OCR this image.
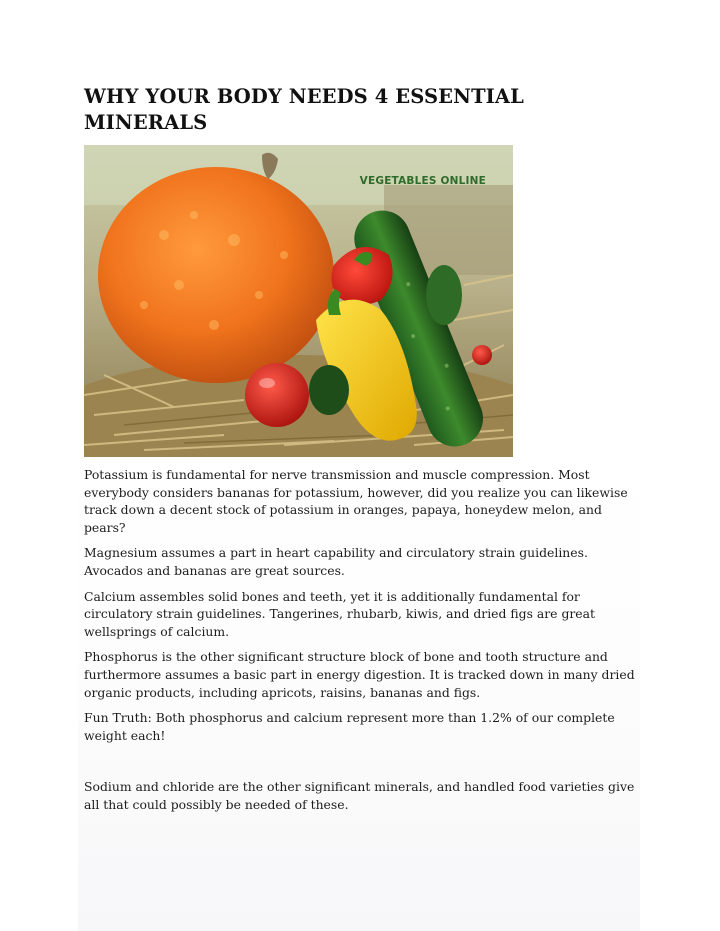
WHY YOUR BODY NEEDS 4 ESSENTIAL MINERALS
VEGETABLES ONLINE

Potassium is fundamental for nerve transmission and muscle compression. Most everybody considers bananas for potassium, however, did you realize you can likewise track down a decent stock of potassium in oranges, papaya, honeydew melon, and pears?

Magnesium assumes a part in heart capability and circulatory strain guidelines. Avocados and bananas are great sources.

Calcium assembles solid bones and teeth, yet it is additionally fundamental for circulatory strain guidelines. Tangerines, rhubarb, kiwis, and dried figs are great wellsprings of calcium.

Phosphorus is the other significant structure block of bone and tooth structure and furthermore assumes a basic part in energy digestion. It is tracked down in many dried organic products, including apricots, raisins, bananas and figs.

Fun Truth: Both phosphorus and calcium represent more than 1.2% of our complete weight each!

Sodium and chloride are the other significant minerals, and handled food varieties give all that could possibly be needed of these.
